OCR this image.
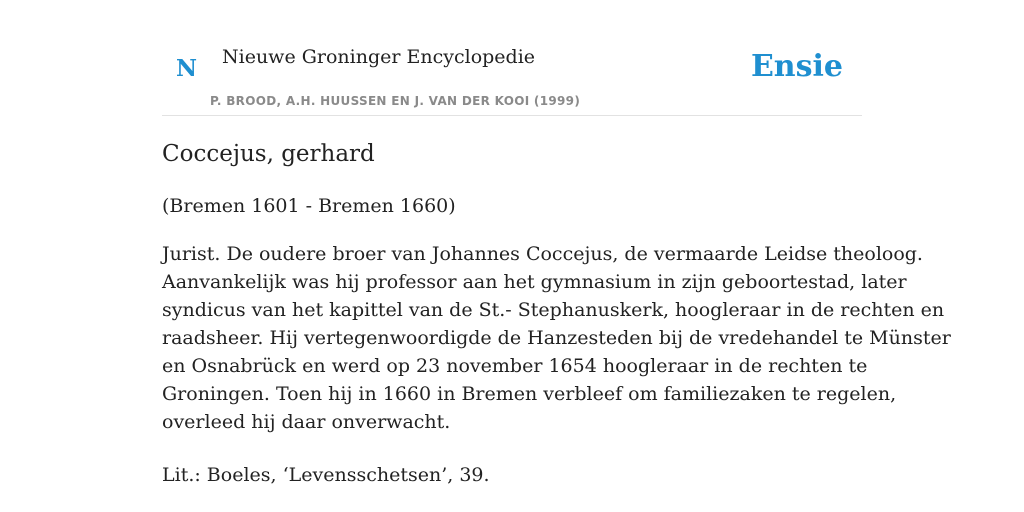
N Nieuwe Groninger Encyclopedie
P. BROOD, A.H. HUUSSEN EN J. VAN DER KOOI (1999)
Ensie
Coccejus, gerhard

(Bremen 1601 - Bremen 1660)

Jurist. De oudere broer van Johannes Coccejus, de vermaarde Leidse theoloog.
Aanvankelijk was hij professor aan het gymnasium in zijn geboortestad, later
syndicus van het kapittel van de St.- Stephanuskerk, hoogleraar in de rechten en
raadsheer. Hij vertegenwoordigde de Hanzesteden bij de vredehandel te Münster
en Osnabrück en werd op 23 november 1654 hoogleraar in de rechten te
Groningen. Toen hij in 1660 in Bremen verbleef om familiezaken te regelen,
overleed hij daar onverwacht.

Lit.: Boeles, ‘Levensschetsen’, 39.
